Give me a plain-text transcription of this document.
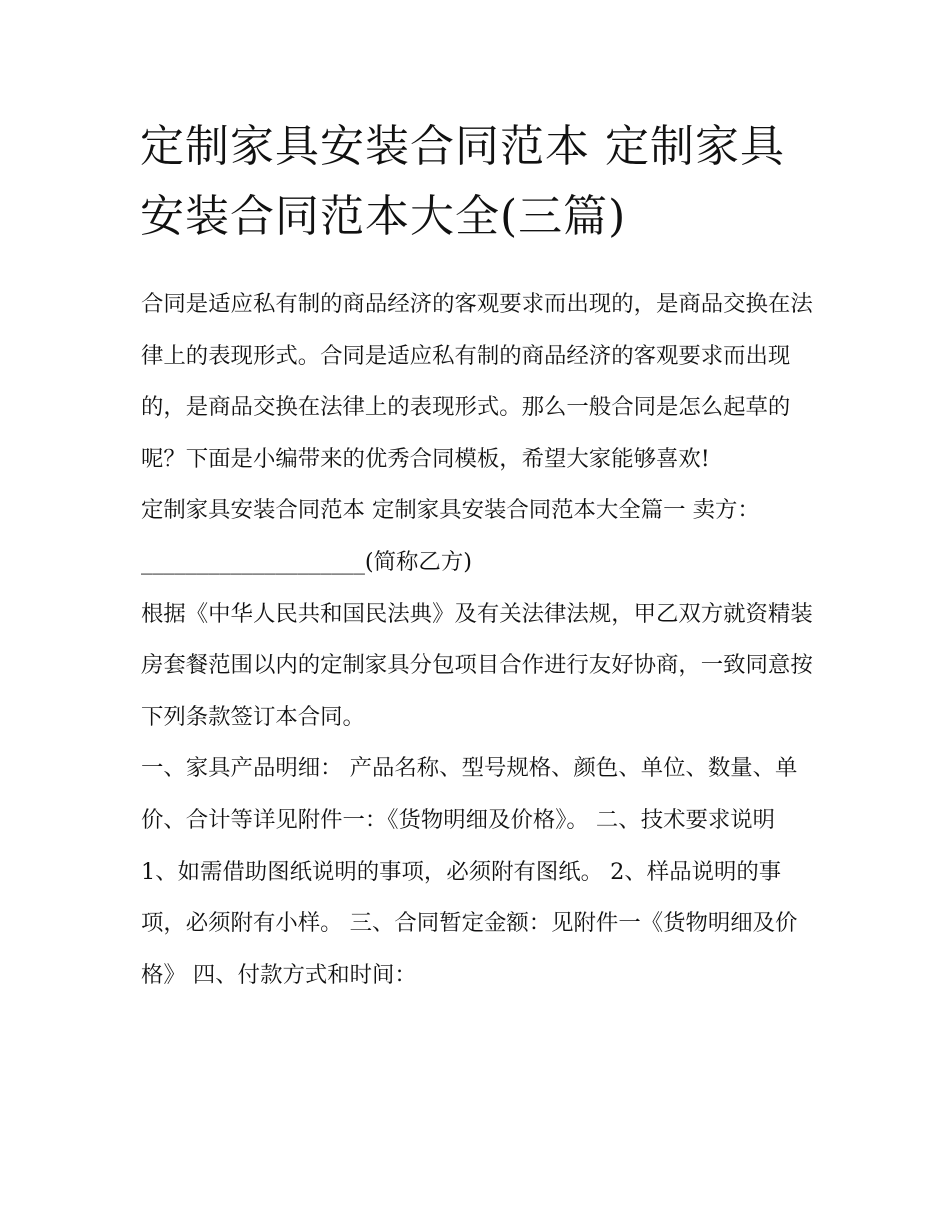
定制家具安装合同范本 定制家具安装合同范本大全(三篇)

合同是适应私有制的商品经济的客观要求而出现的，是商品交换在法律上的表现形式。合同是适应私有制的商品经济的客观要求而出现的，是商品交换在法律上的表现形式。那么一般合同是怎么起草的呢？下面是小编带来的优秀合同模板，希望大家能够喜欢!

定制家具安装合同范本 定制家具安装合同范本大全篇一 卖方：____________________(简称乙方)

根据《中华人民共和国民法典》及有关法律法规，甲乙双方就资精装房套餐范围以内的定制家具分包项目合作进行友好协商，一致同意按下列条款签订本合同。

一、家具产品明细： 产品名称、型号规格、颜色、单位、数量、单价、合计等详见附件一：《货物明细及价格》。 二、技术要求说明

1、如需借助图纸说明的事项，必须附有图纸。 2、样品说明的事项，必须附有小样。 三、合同暂定金额：见附件一《货物明细及价格》 四、付款方式和时间：
